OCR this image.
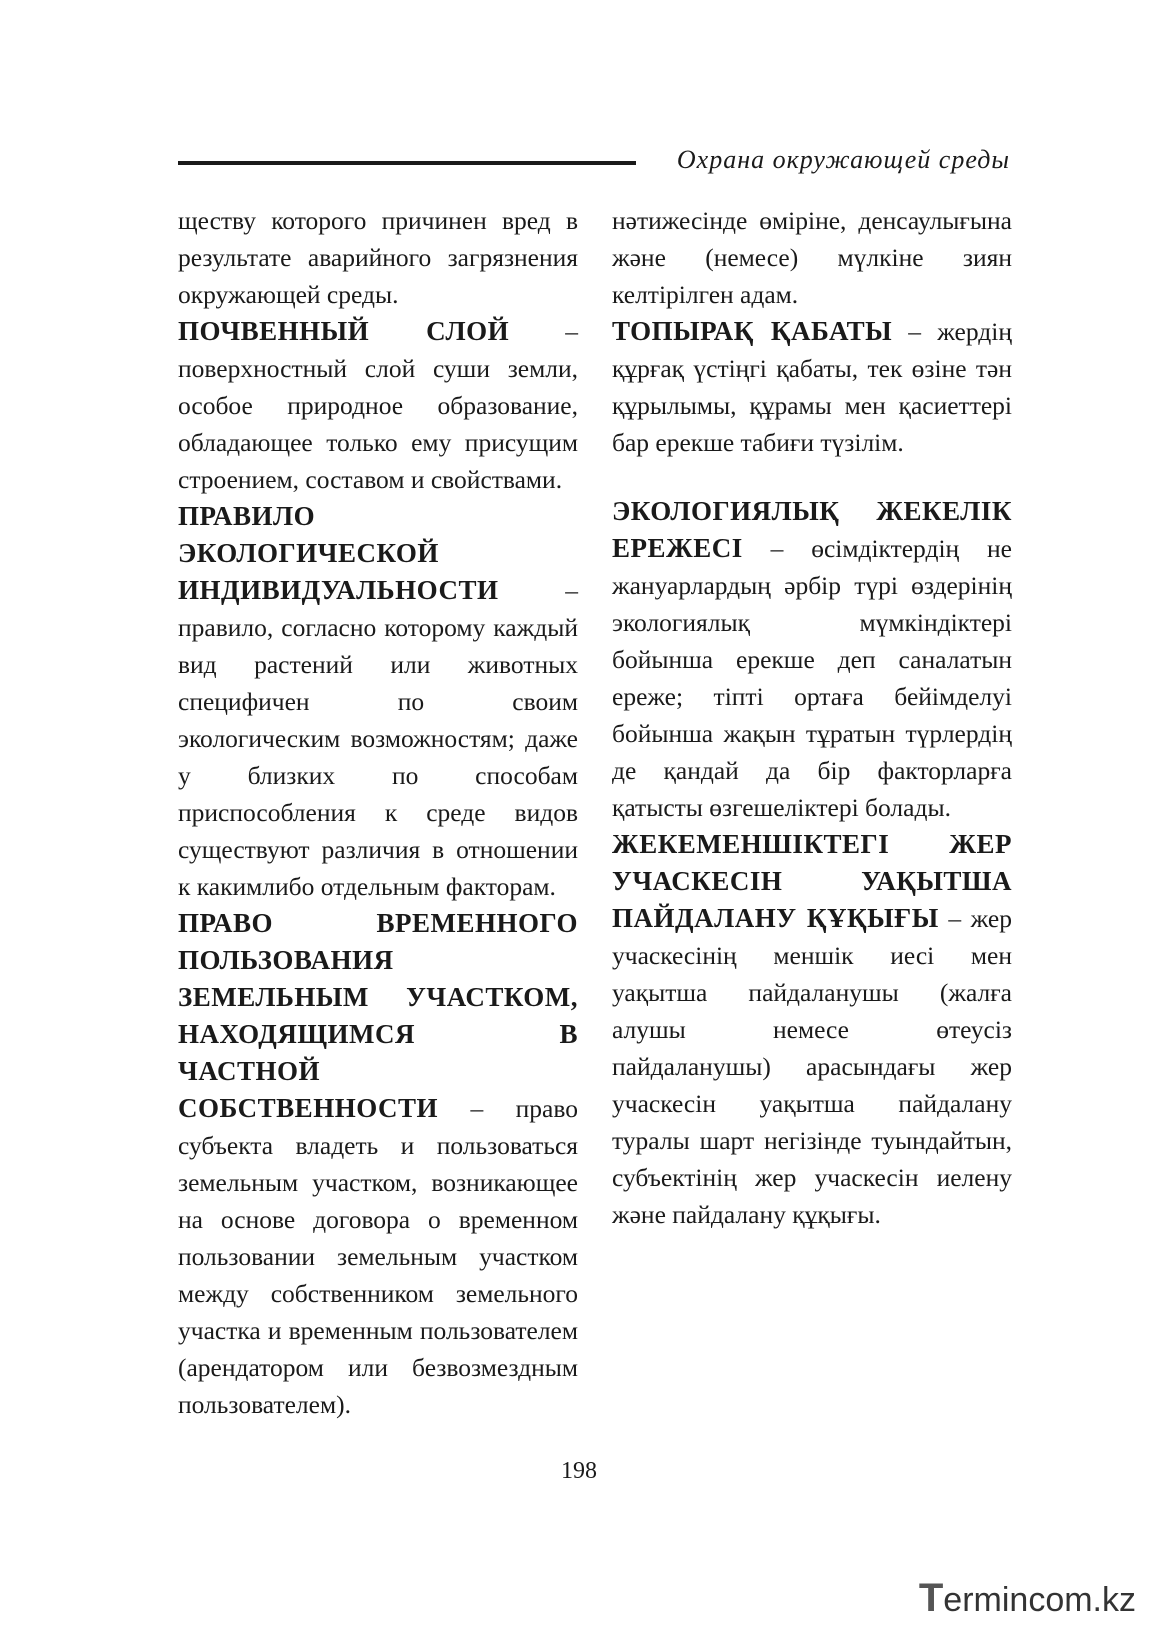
Охрана окружающей среды

ществу которого причинен вред в результате аварийного загрязнения окружающей среды.

ПОЧВЕННЫЙ СЛОЙ – поверхностный слой суши земли, особое природное образование, обладающее только ему присущим строением, составом и свойствами.

ПРАВИЛО ЭКОЛОГИЧЕСКОЙ ИНДИВИДУАЛЬНОСТИ – правило, согласно которому каждый вид растений или животных специфичен по своим экологическим возможностям; даже у близких по способам приспособления к среде видов существуют различия в отношении к какимлибо отдельным факторам.

ПРАВО ВРЕМЕННОГО ПОЛЬЗОВАНИЯ ЗЕМЕЛЬНЫМ УЧАСТКОМ, НАХОДЯЩИМСЯ В ЧАСТНОЙ СОБСТВЕННОСТИ – право субъекта владеть и пользоваться земельным участком, возникающее на основе договора о временном пользовании земельным участком между собственником земельного участка и временным пользователем (арендатором или безвозмездным пользователем).

нәтижесінде өміріне, денсаулығына және (немесе) мүлкіне зиян келтірілген адам.

ТОПЫРАҚ ҚАБАТЫ – жердің құрғақ үстіңгі қабаты, тек өзіне тән құрылымы, құрамы мен қасиеттері бар ерекше табиғи түзілім.

ЭКОЛОГИЯЛЫҚ ЖЕКЕЛІК ЕРЕЖЕСІ – өсімдіктердің не жануарлардың әрбір түрі өздерінің экологиялық мүмкіндіктері бойынша ерекше деп саналатын ереже; тіпті ортаға бейімделуі бойынша жақын тұратын түрлердің де қандай да бір факторларға қатысты өзгешеліктері болады.

ЖЕКЕМЕНШІКТЕГІ ЖЕР УЧАСКЕСІН УАҚЫТША ПАЙДАЛАНУ ҚҰҚЫҒЫ – жер учаскесінің меншік иесі мен уақытша пайдаланушы (жалға алушы немесе өтеусіз пайдаланушы) арасындағы жер учаскесін уақытша пайдалану туралы шарт негізінде туындайтын, субъектінің жер учаскесін иелену және пайдалану құқығы.

198
Termincom.kz
